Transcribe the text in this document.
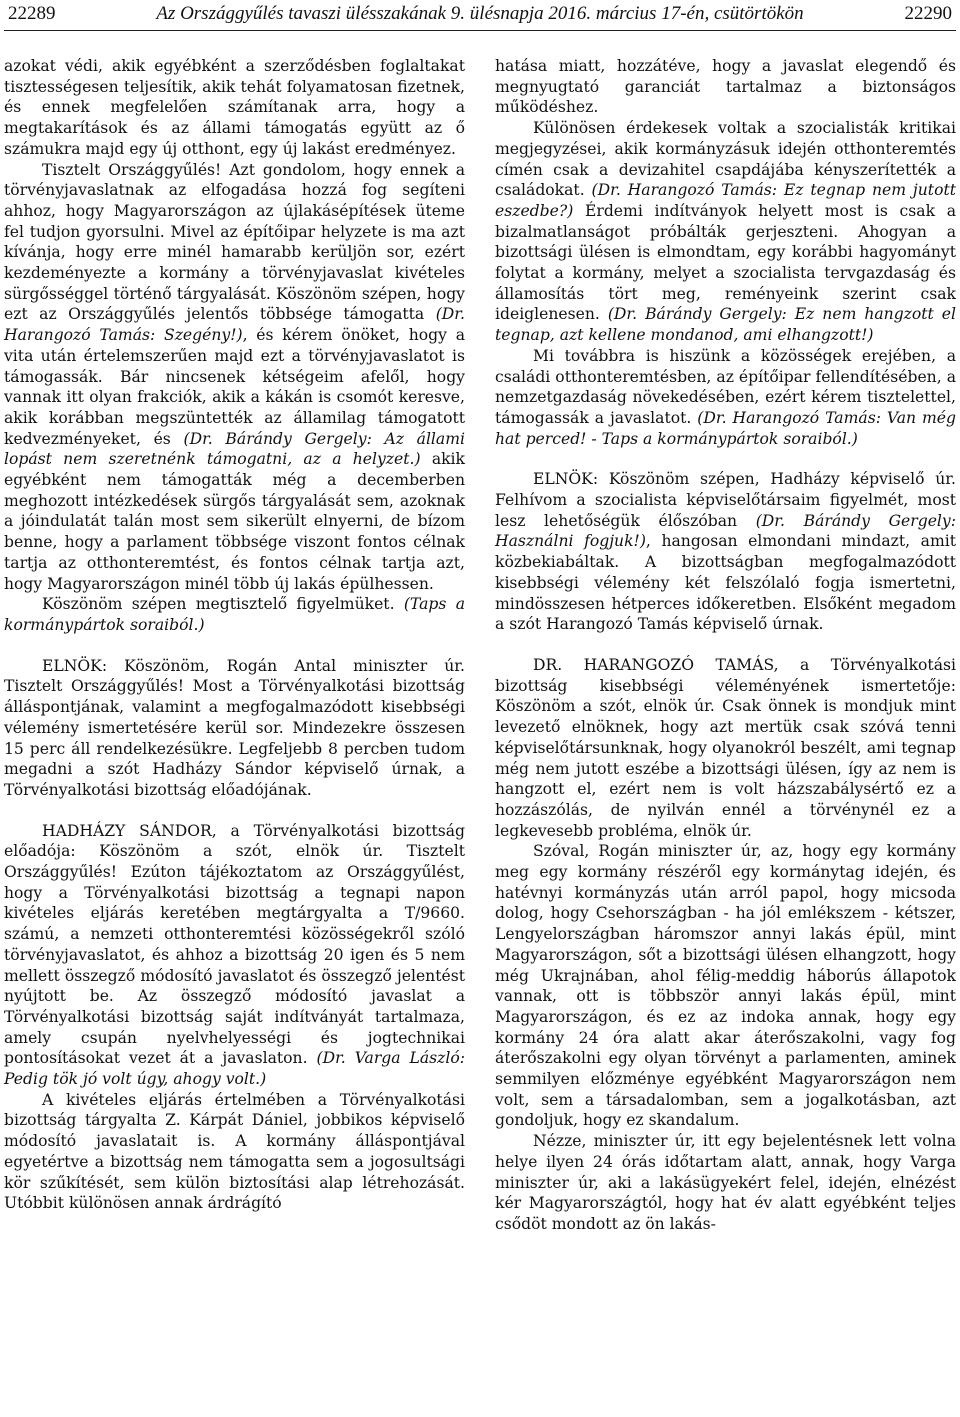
22289	Az Országgyűlés tavaszi ülésszakának 9. ülésnapja 2016. március 17-én, csütörtökön	22290

azokat védi, akik egyébként a szerződésben foglaltakat tisztességesen teljesítik, akik tehát folyamatosan fizetnek, és ennek megfelelően számítanak arra, hogy a megtakarítások és az állami támogatás együtt az ő számukra majd egy új otthont, egy új lakást eredményez.

Tisztelt Országgyűlés! Azt gondolom, hogy ennek a törvényjavaslatnak az elfogadása hozzá fog segíteni ahhoz, hogy Magyarországon az újlakásépítések üteme fel tudjon gyorsulni. Mivel az építőipar helyzete is ma azt kívánja, hogy erre minél hamarabb kerüljön sor, ezért kezdeményezte a kormány a törvényjavaslat kivételes sürgősséggel történő tárgyalását. Köszönöm szépen, hogy ezt az Országgyűlés jelentős többsége támogatta (Dr. Harangozó Tamás: Szegény!), és kérem önöket, hogy a vita után értelemszerűen majd ezt a törvényjavaslatot is támogassák. Bár nincsenek kétségeim afelől, hogy vannak itt olyan frakciók, akik a kákán is csomót keresve, akik korábban megszüntették az államilag támogatott kedvezményeket, és (Dr. Bárándy Gergely: Az állami lopást nem szeretnénk támogatni, az a helyzet.) akik egyébként nem támogatták még a decemberben meghozott intézkedések sürgős tárgyalását sem, azoknak a jóindulatát talán most sem sikerült elnyerni, de bízom benne, hogy a parlament többsége viszont fontos célnak tartja az otthonteremtést, és fontos célnak tartja azt, hogy Magyarországon minél több új lakás épülhessen.

Köszönöm szépen megtisztelő figyelmüket. (Taps a kormánypártok soraiból.)

ELNÖK: Köszönöm, Rogán Antal miniszter úr. Tisztelt Országgyűlés! Most a Törvényalkotási bizottság álláspontjának, valamint a megfogalmazódott kisebbségi vélemény ismertetésére kerül sor. Mindezekre összesen 15 perc áll rendelkezésükre. Legfeljebb 8 percben tudom megadni a szót Hadházy Sándor képviselő úrnak, a Törvényalkotási bizottság előadójának.

HADHÁZY SÁNDOR, a Törvényalkotási bizottság előadója: Köszönöm a szót, elnök úr. Tisztelt Országgyűlés! Ezúton tájékoztatom az Országgyűlést, hogy a Törvényalkotási bizottság a tegnapi napon kivételes eljárás keretében megtárgyalta a T/9660. számú, a nemzeti otthonteremtési közösségekről szóló törvényjavaslatot, és ahhoz a bizottság 20 igen és 5 nem mellett összegző módosító javaslatot és összegző jelentést nyújtott be. Az összegző módosító javaslat a Törvényalkotási bizottság saját indítványát tartalmaza, amely csupán nyelvhelyességi és jogtechnikai pontosításokat vezet át a javaslaton. (Dr. Varga László: Pedig tök jó volt úgy, ahogy volt.)

A kivételes eljárás értelmében a Törvényalkotási bizottság tárgyalta Z. Kárpát Dániel, jobbikos képviselő módosító javaslatait is. A kormány álláspontjával egyetértve a bizottság nem támogatta sem a jogosultsági kör szűkítését, sem külön biztosítási alap létrehozását. Utóbbit különösen annak árdrágító

hatása miatt, hozzátéve, hogy a javaslat elegendő és megnyugtató garanciát tartalmaz a biztonságos működéshez.

Különösen érdekesek voltak a szocialisták kritikai megjegyzései, akik kormányzásuk idején otthonteremtés címén csak a devizahitel csapdájába kényszerítették a családokat. (Dr. Harangozó Tamás: Ez tegnap nem jutott eszedbe?) Érdemi indítványok helyett most is csak a bizalmatlanságot próbálták gerjeszteni. Ahogyan a bizottsági ülésen is elmondtam, egy korábbi hagyományt folytat a kormány, melyet a szocialista tervgazdaság és államosítás tört meg, reményeink szerint csak ideiglenesen. (Dr. Bárándy Gergely: Ez nem hangzott el tegnap, azt kellene mondanod, ami elhangzott!)

Mi továbbra is hiszünk a közösségek erejében, a családi otthonteremtésben, az építőipar fellendítésében, a nemzetgazdaság növekedésében, ezért kérem tisztelettel, támogassák a javaslatot. (Dr. Harangozó Tamás: Van még hat perced! - Taps a kormánypártok soraiból.)

ELNÖK: Köszönöm szépen, Hadházy képviselő úr. Felhívom a szocialista képviselőtársaim figyelmét, most lesz lehetőségük élőszóban (Dr. Bárándy Gergely: Használni fogjuk!), hangosan elmondani mindazt, amit közbekiabáltak. A bizottságban megfogalmazódott kisebbségi vélemény két felszólaló fogja ismertetni, mindösszesen hétperces időkeretben. Elsőként megadom a szót Harangozó Tamás képviselő úrnak.

DR. HARANGOZÓ TAMÁS, a Törvényalkotási bizottság kisebbségi véleményének ismertetője: Köszönöm a szót, elnök úr. Csak önnek is mondjuk mint levezető elnöknek, hogy azt mertük csak szóvá tenni képviselőtársunknak, hogy olyanokról beszélt, ami tegnap még nem jutott eszébe a bizottsági ülésen, így az nem is hangzott el, ezért nem is volt házszabálysértő ez a hozzászólás, de nyilván ennél a törvénynél ez a legkevesebb probléma, elnök úr.

Szóval, Rogán miniszter úr, az, hogy egy kormány meg egy kormány részéről egy kormánytag idején, és hatévnyi kormányzás után arról papol, hogy micsoda dolog, hogy Csehországban - ha jól emlékszem - kétszer, Lengyelországban háromszor annyi lakás épül, mint Magyarországon, sőt a bizottsági ülésen elhangzott, hogy még Ukrajnában, ahol félig-meddig háborús állapotok vannak, ott is többször annyi lakás épül, mint Magyarországon, és ez az indoka annak, hogy egy kormány 24 óra alatt akar áterőszakolni, vagy fog áterőszakolni egy olyan törvényt a parlamenten, aminek semmilyen előzménye egyébként Magyarországon nem volt, sem a társadalomban, sem a jogalkotásban, azt gondoljuk, hogy ez skandalum.

Nézze, miniszter úr, itt egy bejelentésnek lett volna helye ilyen 24 órás időtartam alatt, annak, hogy Varga miniszter úr, aki a lakásügyekért felel, idején, elnézést kér Magyarországtól, hogy hat év alatt egyébként teljes csődöt mondott az ön lakás-
